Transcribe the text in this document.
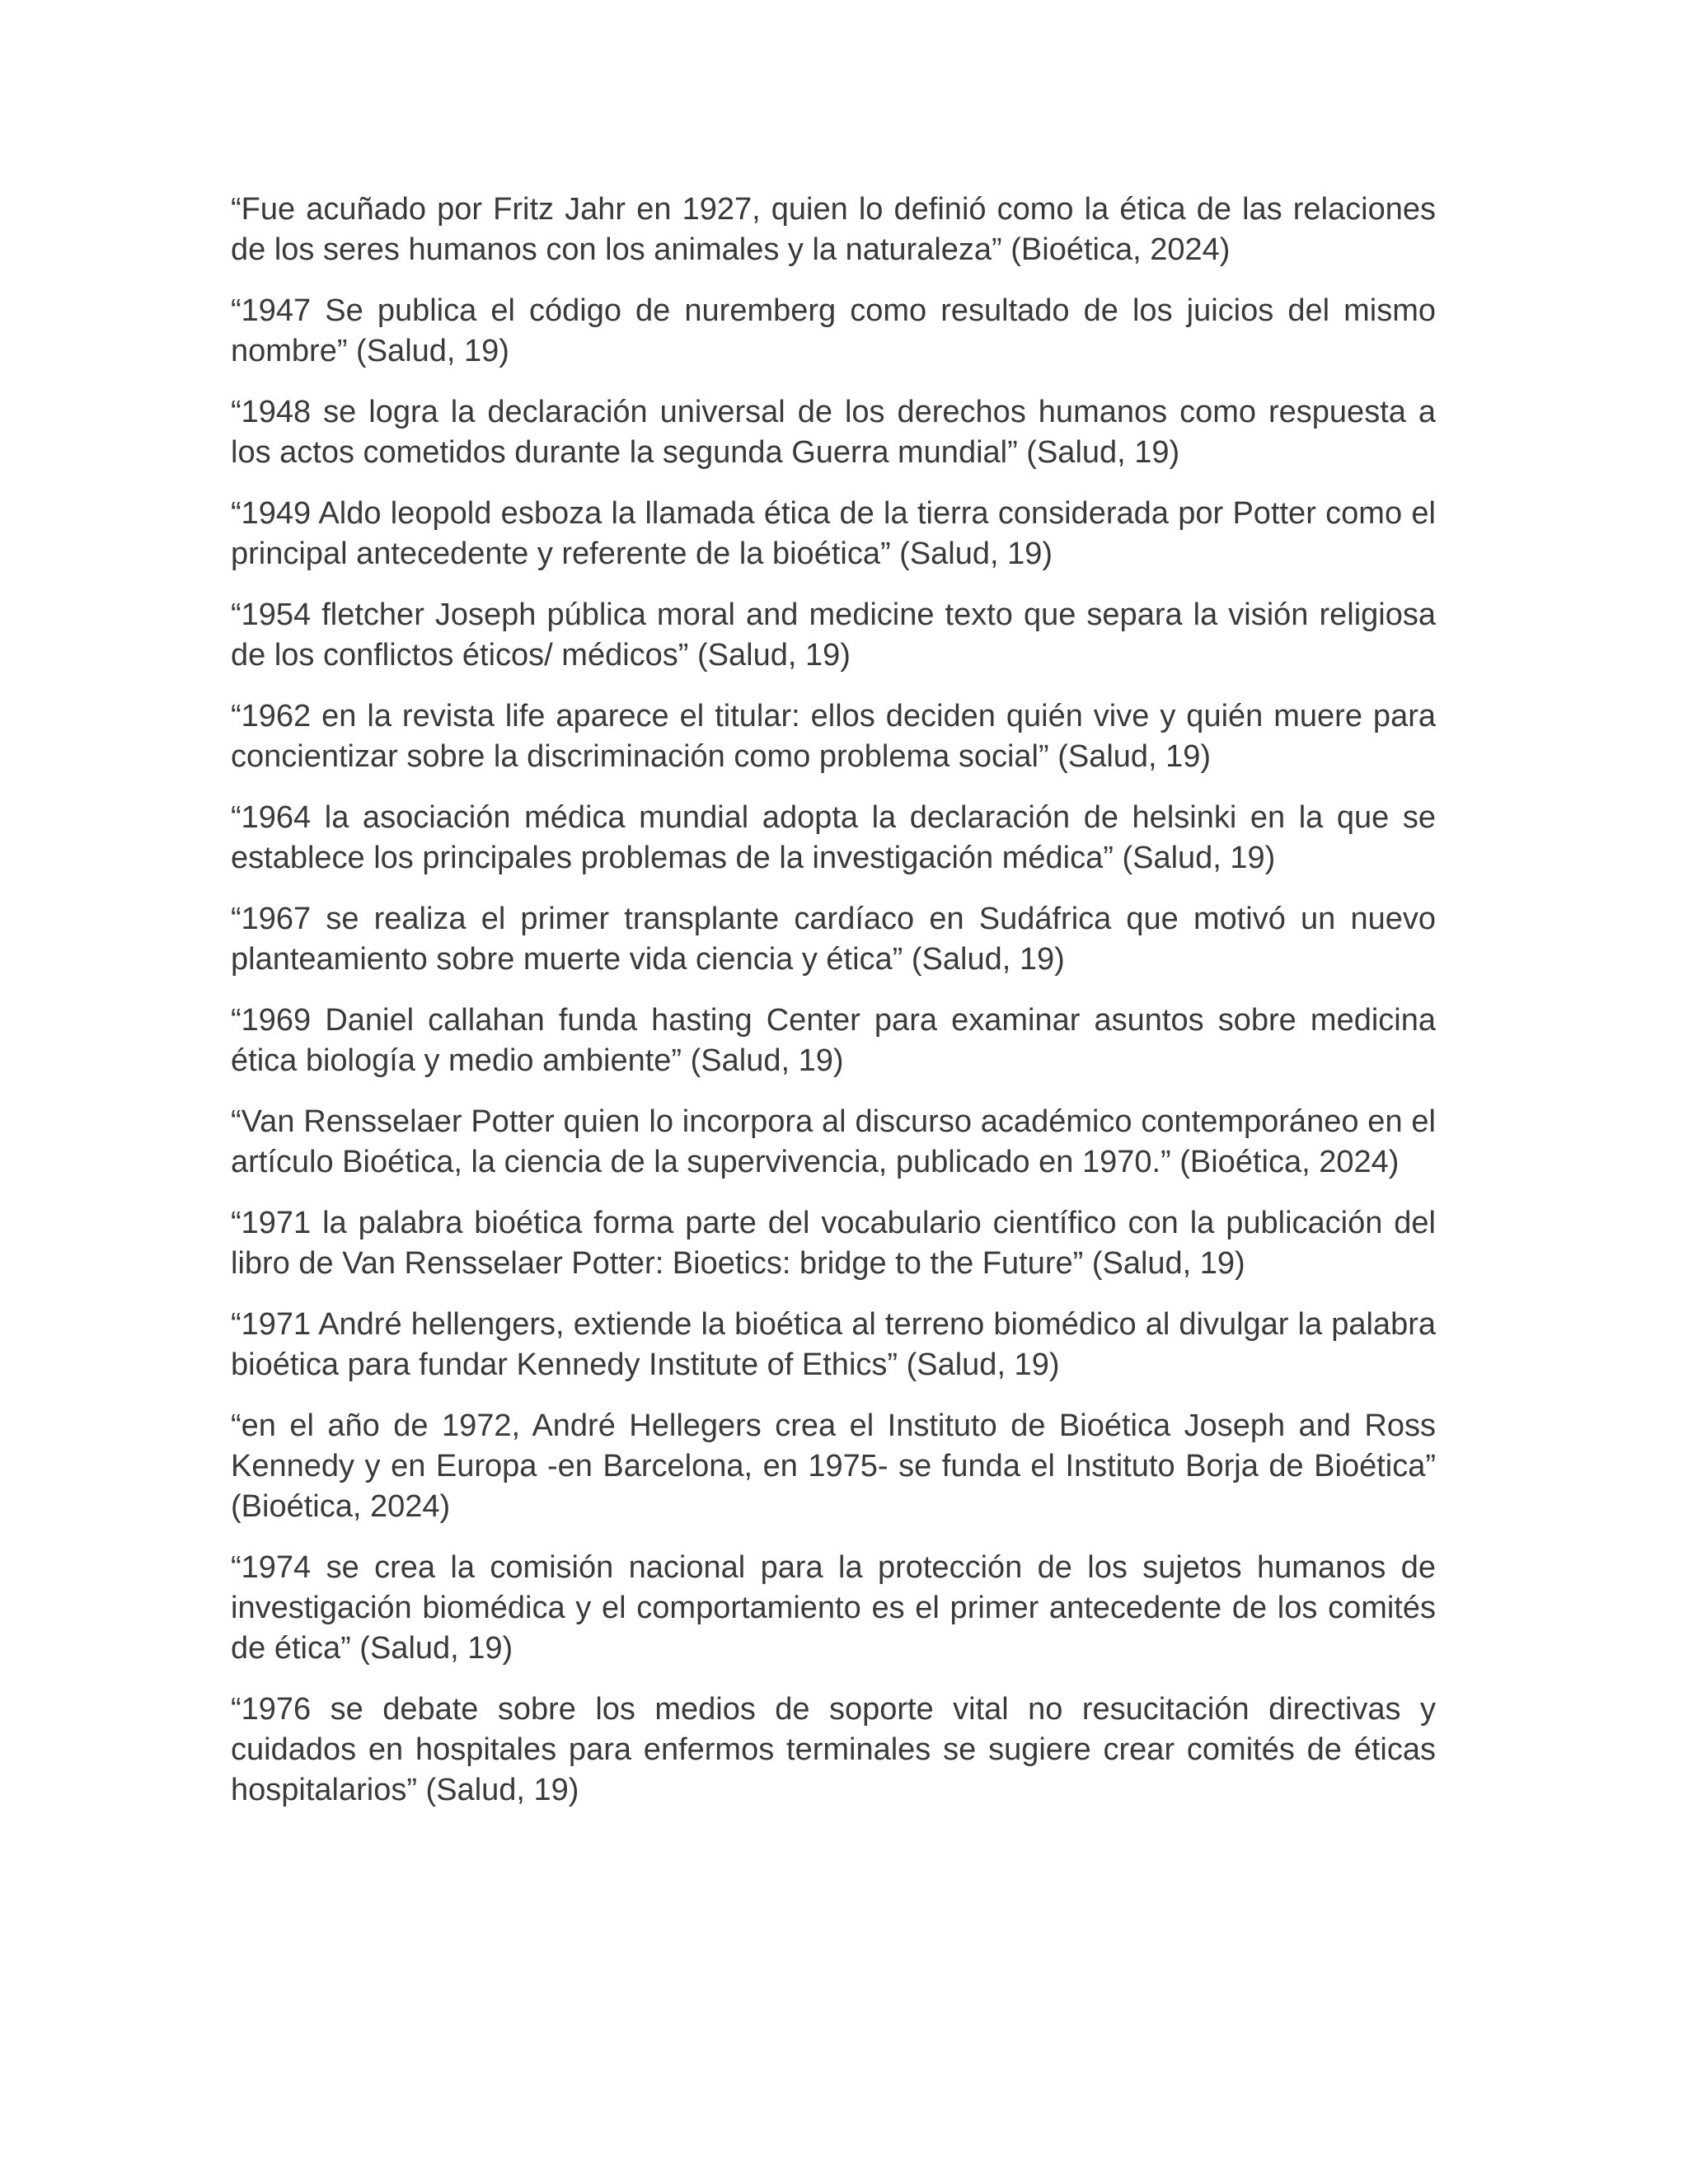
“Fue acuñado por Fritz Jahr en 1927, quien lo definió como la ética de las relaciones de los seres humanos con los animales y la naturaleza” (Bioética, 2024)

“1947 Se publica el código de nuremberg como resultado de los juicios del mismo nombre” (Salud, 19)

“1948 se logra la declaración universal de los derechos humanos como respuesta a los actos cometidos durante la segunda Guerra mundial” (Salud, 19)

“1949 Aldo leopold esboza la llamada ética de la tierra considerada por Potter como el principal antecedente y referente de la bioética” (Salud, 19)

“1954 fletcher Joseph pública moral and medicine texto que separa la visión religiosa de los conflictos éticos/ médicos” (Salud, 19)

“1962 en la revista life aparece el titular: ellos deciden quién vive y quién muere para concientizar sobre la discriminación como problema social” (Salud, 19)

“1964 la asociación médica mundial adopta la declaración de helsinki en la que se establece los principales problemas de la investigación médica” (Salud, 19)

“1967 se realiza el primer transplante cardíaco en Sudáfrica que motivó un nuevo planteamiento sobre muerte vida ciencia y ética” (Salud, 19)

“1969 Daniel callahan funda hasting Center para examinar asuntos sobre medicina ética biología y medio ambiente” (Salud, 19)

“Van Rensselaer Potter quien lo incorpora al discurso académico contemporáneo en el artículo Bioética, la ciencia de la supervivencia, publicado en 1970.” (Bioética, 2024)

“1971 la palabra bioética forma parte del vocabulario científico con la publicación del libro de Van Rensselaer Potter: Bioetics: bridge to the Future” (Salud, 19)

“1971 André hellengers, extiende la bioética al terreno biomédico al divulgar la palabra bioética para fundar Kennedy Institute of Ethics” (Salud, 19)

“en el año de 1972, André Hellegers crea el Instituto de Bioética Joseph and Ross Kennedy y en Europa -en Barcelona, en 1975- se funda el Instituto Borja de Bioética” (Bioética, 2024)

“1974 se crea la comisión nacional para la protección de los sujetos humanos de investigación biomédica y el comportamiento es el primer antecedente de los comités de ética” (Salud, 19)

“1976 se debate sobre los medios de soporte vital no resucitación directivas y cuidados en hospitales para enfermos terminales se sugiere crear comités de éticas hospitalarios” (Salud, 19)
